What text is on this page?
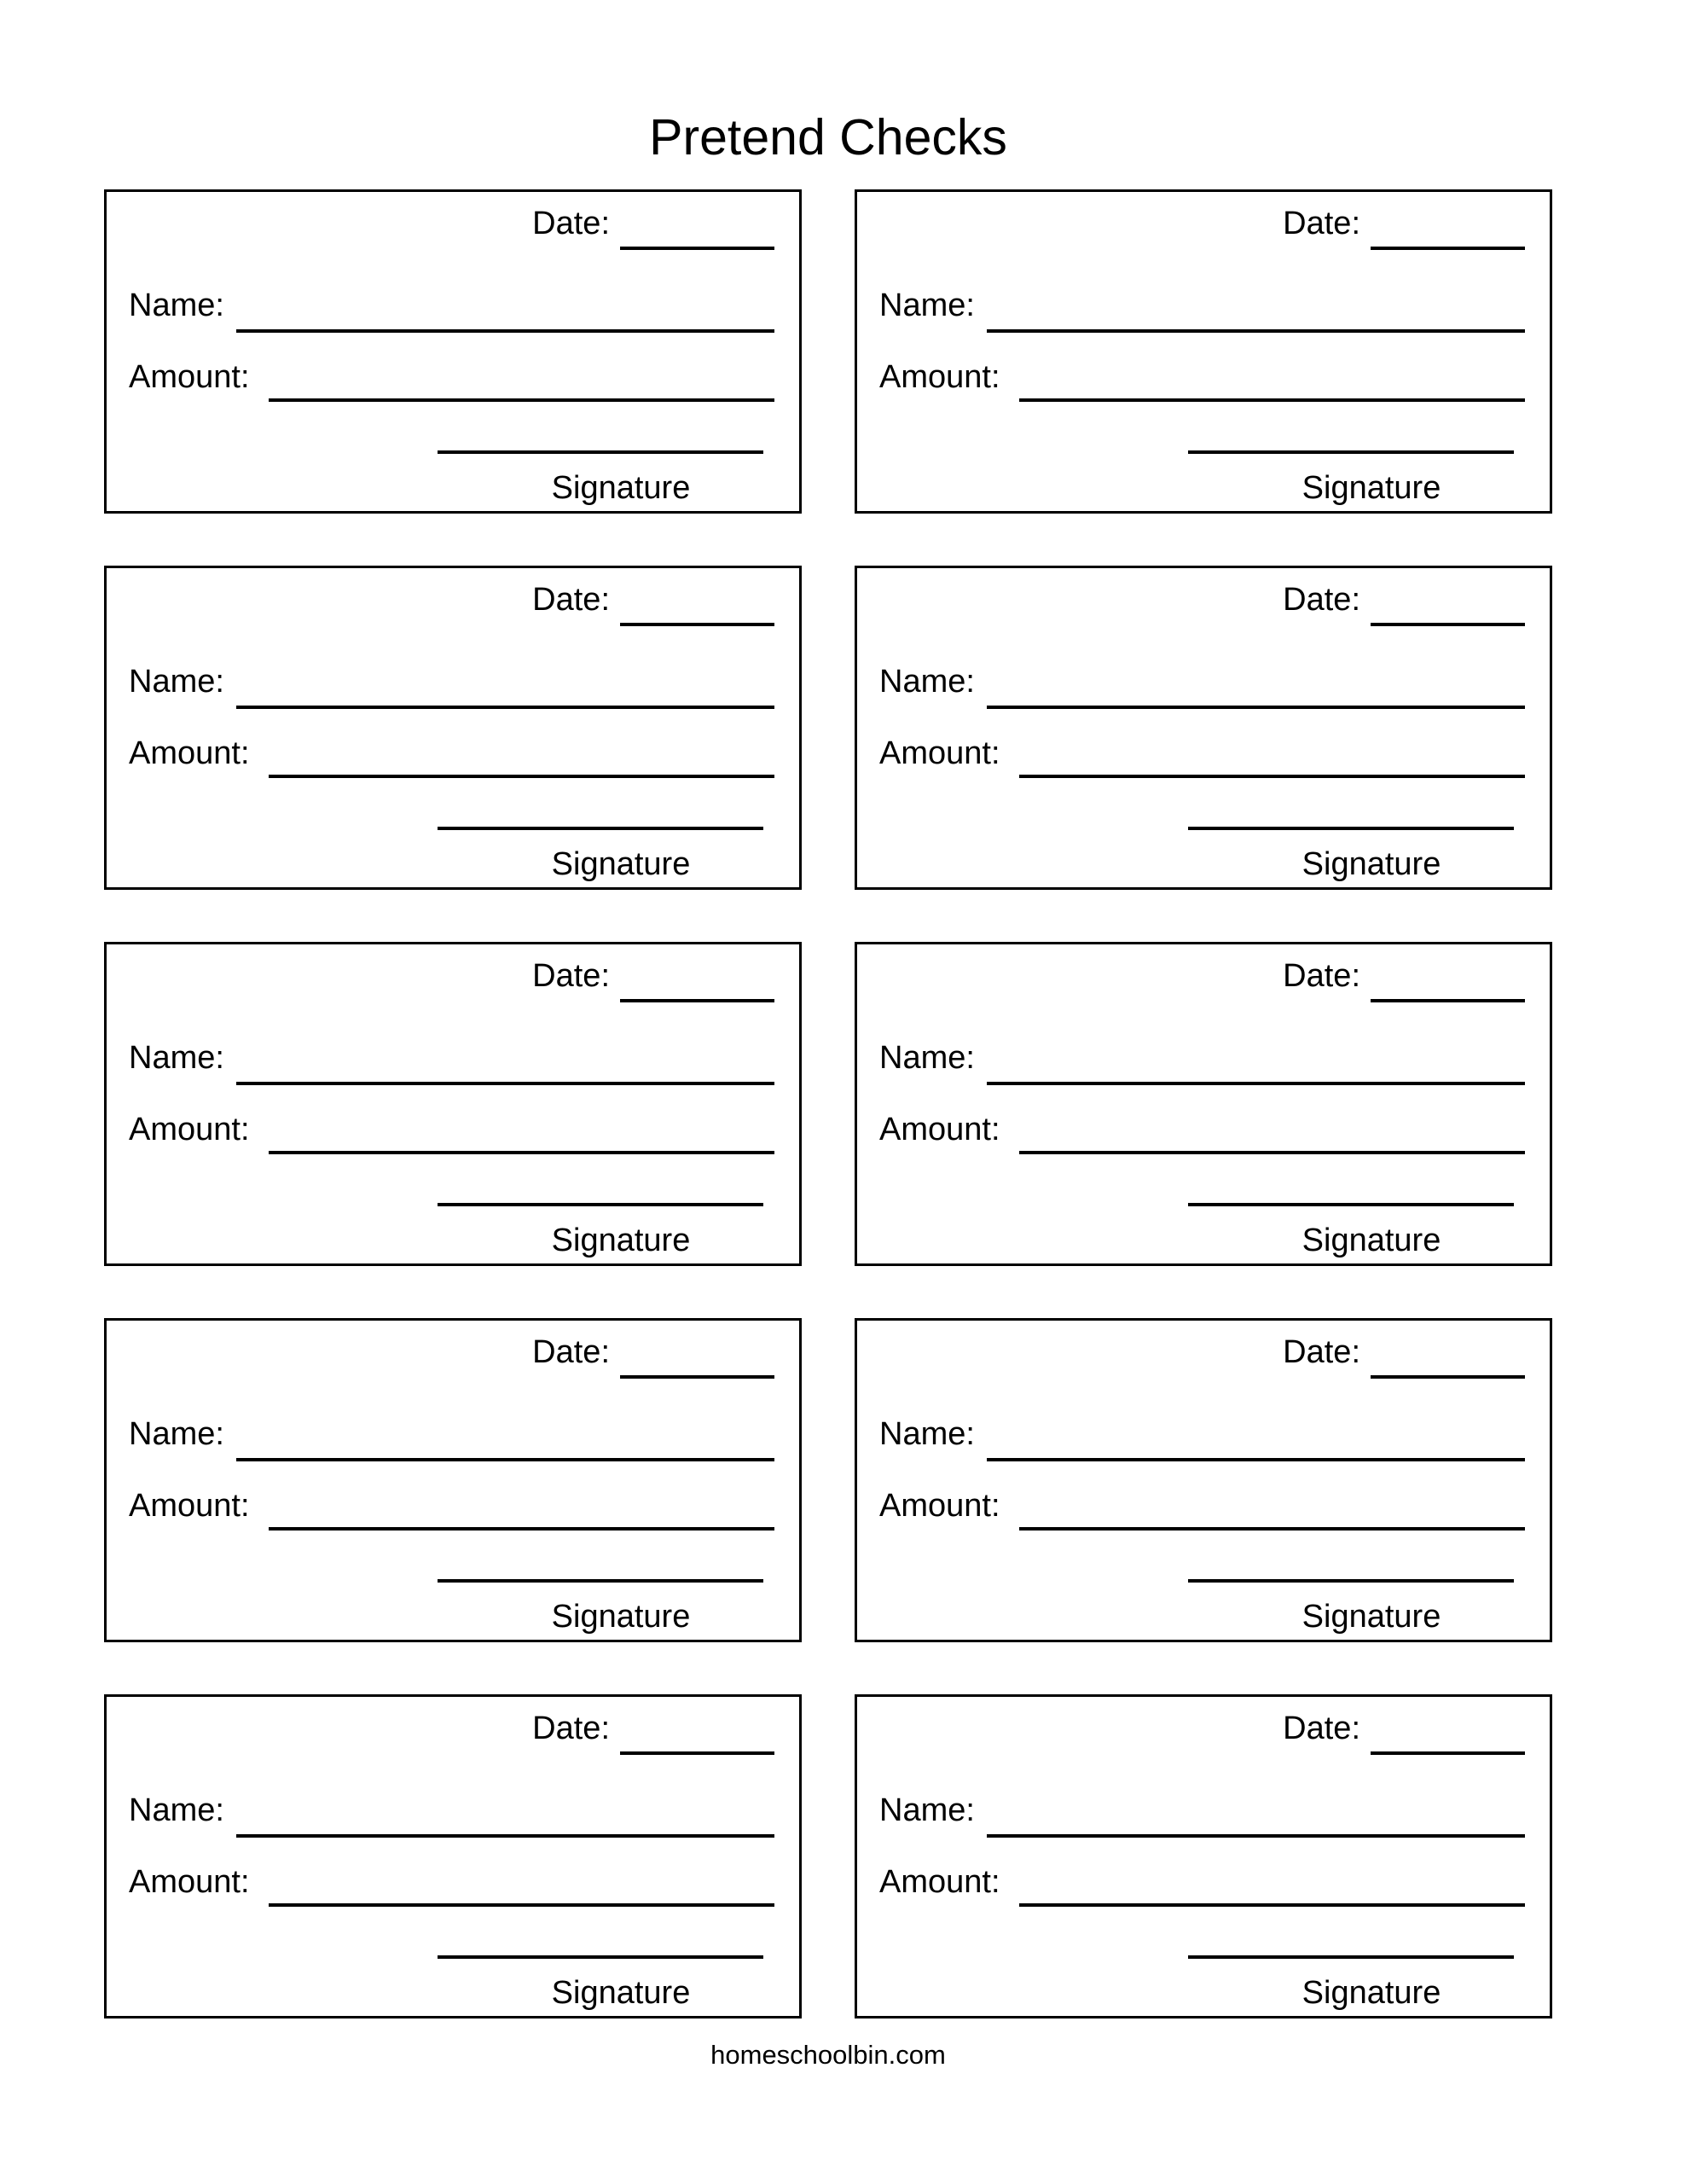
Pretend Checks
Date:
Name:
Amount:
Signature
Date:
Name:
Amount:
Signature
Date:
Name:
Amount:
Signature
Date:
Name:
Amount:
Signature
Date:
Name:
Amount:
Signature
Date:
Name:
Amount:
Signature
Date:
Name:
Amount:
Signature
Date:
Name:
Amount:
Signature
Date:
Name:
Amount:
Signature
Date:
Name:
Amount:
Signature
homeschoolbin.com
